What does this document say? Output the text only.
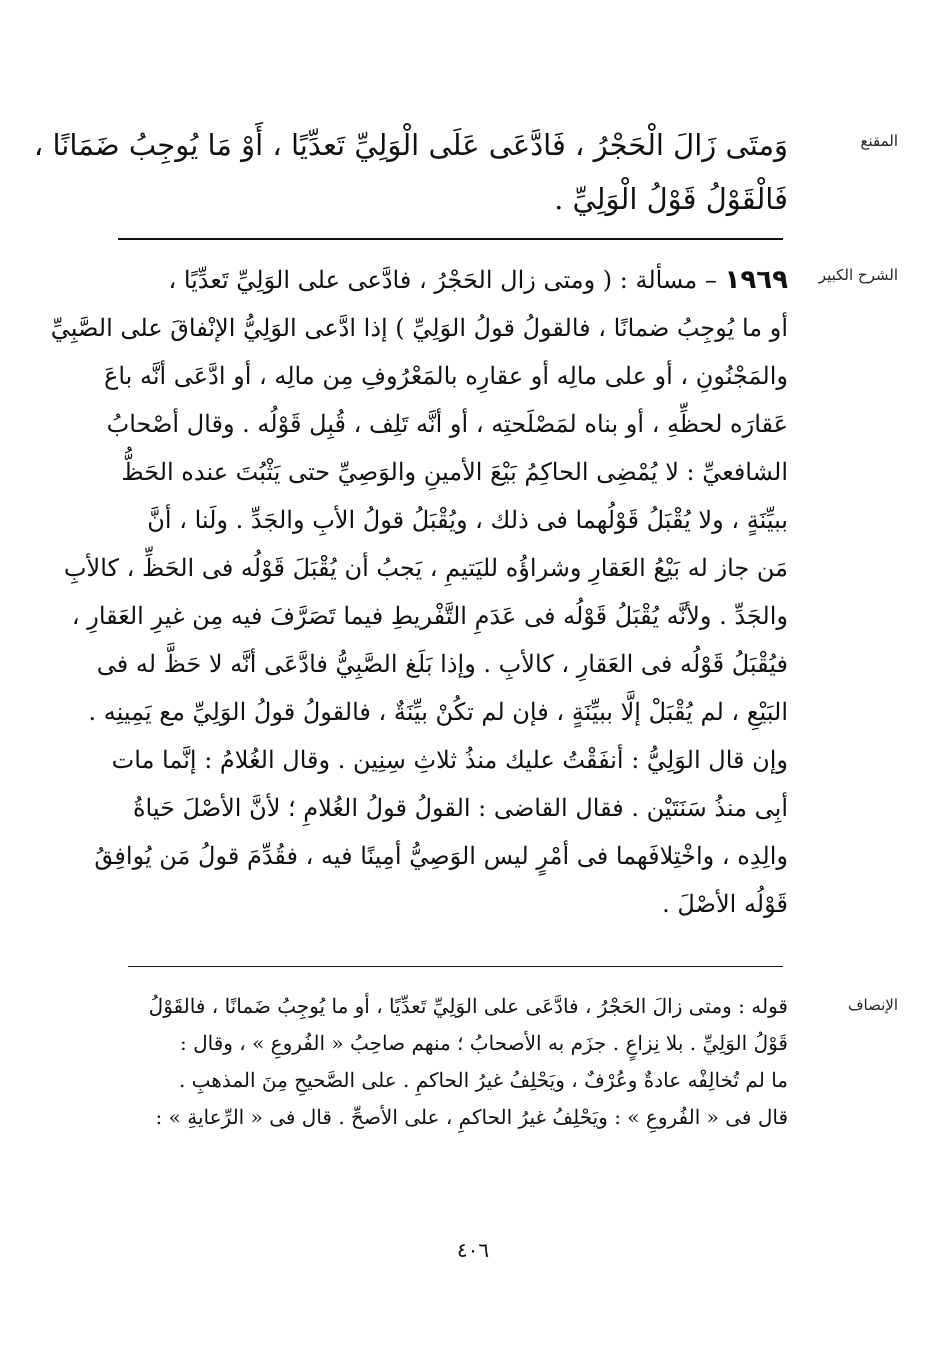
المقنع
الشرح الكبير
الإنصاف
وَمتَى زَالَ الْحَجْرُ ، فَادَّعَى عَلَى الْوَلِيِّ تَعدِّيًا ، أَوْ مَا يُوجِبُ ضَمَانًا ،
فَالْقَوْلُ قَوْلُ الْوَلِيِّ .
١٩٦٩ – مسألة : ( ومتى زال الحَجْرُ ، فادَّعى على الوَلِيِّ تَعدِّيًا ،
أو ما يُوجِبُ ضمانًا ، فالقولُ قولُ الوَلِيِّ ) إذا ادَّعى الوَلِيُّ الإنْفاقَ على الصَّبِيِّ
والمَجْنُونِ ، أو على مالِه أو عقارِه بالمَعْرُوفِ مِن مالِه ، أو ادَّعَى أنَّه باعَ
عَقارَه لحظِّهِ ، أو بناه لمَصْلَحتِه ، أو أنَّه تَلِف ، قُبِل قَوْلُه . وقال أصْحابُ
الشافعيِّ : لا يُمْضِى الحاكِمُ بَيْعَ الأمينِ والوَصِيِّ حتى يَثْبُتَ عنده الحَظُّ
ببيِّنَةٍ ، ولا يُقْبَلُ قَوْلُهما فى ذلك ، ويُقْبَلُ قولُ الأبِ والجَدِّ . ولَنا ، أنَّ
مَن جاز له بَيْعُ العَقارِ وشراؤُه لليَتيمِ ، يَجبُ أن يُقْبَلَ قَوْلُه فى الحَظِّ ، كالأبِ
والجَدِّ . ولأنَّه يُقْبَلُ قَوْلُه فى عَدَمِ التَّفْريطِ فيما تَصَرَّفَ فيه مِن غيرِ العَقارِ ،
فيُقْبَلُ قَوْلُه فى العَقارِ ، كالأبِ . وإذا بَلَغ الصَّبِيُّ فادَّعَى أنَّه لا حَظَّ له فى
البَيْعِ ، لم يُقْبَلْ إلَّا ببيِّنَةٍ ، فإن لم تكُنْ بيِّنَةٌ ، فالقولُ قولُ الوَلِيِّ مع يَمِينِه .
وإن قال الوَلِيُّ : أنفَقْتُ عليك منذُ ثلاثِ سِنِين . وقال الغُلامُ : إنَّما مات
أبِى منذُ سَنَتَيْن . فقال القاضى : القولُ قولُ الغُلامِ ؛ لأنَّ الأصْلَ حَياةُ
والِدِه ، واخْتِلافَهما فى أمْرٍ ليس الوَصِيُّ أمِينًا فيه ، فقُدِّمَ قولُ مَن يُوافِقُ
قَوْلُه الأصْلَ .
قوله : ومتى زالَ الحَجْرُ ، فادَّعَى على الوَلِيِّ تَعدِّيًا ، أو ما يُوجِبُ ضَمانًا ، فالقَوْلُ
قَوْلُ الوَلِيِّ . بلا نِزاعٍ . جزَم به الأصحابُ ؛ منهم صاحِبُ « الفُروعِ » ، وقال :
ما لم تُخالِفْه عادةٌ وعُرْفٌ ، ويَحْلِفُ غيرُ الحاكمِ . على الصَّحيحِ مِنَ المذهبِ .
قال فى « الفُروعِ » : ويَحْلِفُ غيرُ الحاكمِ ، على الأصحِّ . قال فى « الرِّعايةِ » :
٤٠٦
